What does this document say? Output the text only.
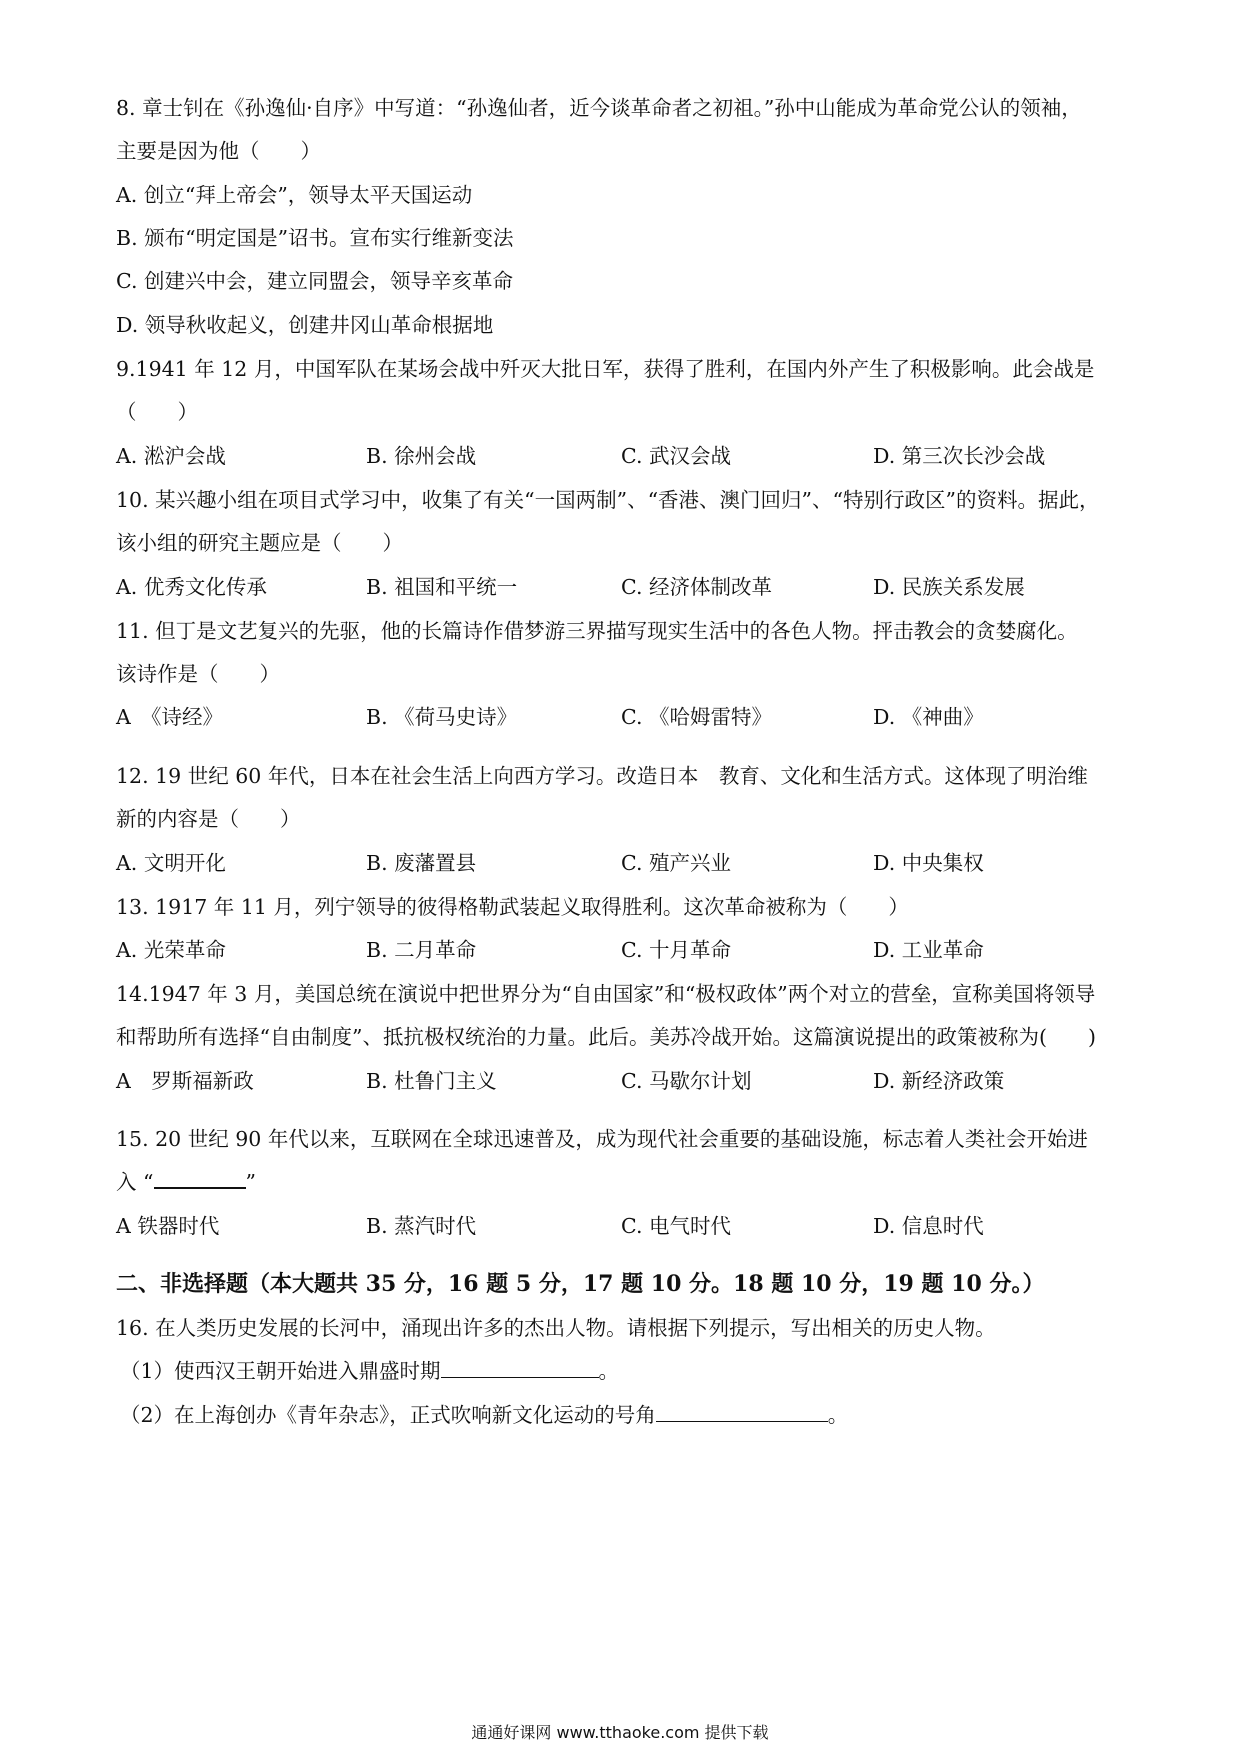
8. 章士钊在《孙逸仙·自序》中写道：“孙逸仙者，近今谈革命者之初祖。”孙中山能成为革命党公认的领袖，
主要是因为他（　　）
A. 创立“拜上帝会”，领导太平天国运动
B. 颁布“明定国是”诏书。宣布实行维新变法
C. 创建兴中会，建立同盟会，领导辛亥革命
D. 领导秋收起义，创建井冈山革命根据地
9.1941 年 12 月，中国军队在某场会战中歼灭大批日军，获得了胜利，在国内外产生了积极影响。此会战是
（　　）
A. 淞沪会战	B. 徐州会战	C. 武汉会战	D. 第三次长沙会战
10. 某兴趣小组在项目式学习中，收集了有关“一国两制”、“香港、澳门回归”、“特别行政区”的资料。据此，
该小组的研究主题应是（　　）
A. 优秀文化传承	B. 祖国和平统一	C. 经济体制改革	D. 民族关系发展
11. 但丁是文艺复兴的先驱，他的长篇诗作借梦游三界描写现实生活中的各色人物。抨击教会的贪婪腐化。
该诗作是（　　）
A　《诗经》	B. 《荷马史诗》	C. 《哈姆雷特》	D. 《神曲》
12. 19 世纪 60 年代，日本在社会生活上向西方学习。改造日本　教育、文化和生活方式。这体现了明治维
新的内容是（　　）
A. 文明开化	B. 废藩置县	C. 殖产兴业	D. 中央集权
13. 1917 年 11 月，列宁领导的彼得格勒武装起义取得胜利。这次革命被称为（　　）
A. 光荣革命	B. 二月革命	C. 十月革命	D. 工业革命
14.1947 年 3 月，美国总统在演说中把世界分为“自由国家”和“极权政体”两个对立的营垒，宣称美国将领导
和帮助所有选择“自由制度”、抵抗极权统治的力量。此后。美苏冷战开始。这篇演说提出的政策被称为(　　)
A　罗斯福新政	B. 杜鲁门主义	C. 马歇尔计划	D. 新经济政策
15. 20 世纪 90 年代以来，互联网在全球迅速普及，成为现代社会重要的基础设施，标志着人类社会开始进
入 “	”
A 铁器时代	B. 蒸汽时代	C. 电气时代	D. 信息时代
二、非选择题（本大题共 35 分，16 题 5 分，17 题 10 分。18 题 10 分，19 题 10 分。）
16. 在人类历史发展的长河中，涌现出许多的杰出人物。请根据下列提示，写出相关的历史人物。
（1）使西汉王朝开始进入鼎盛时期	。
（2）在上海创办《青年杂志》，正式吹响新文化运动的号角	。
通通好课网 www.tthaoke.com 提供下载
